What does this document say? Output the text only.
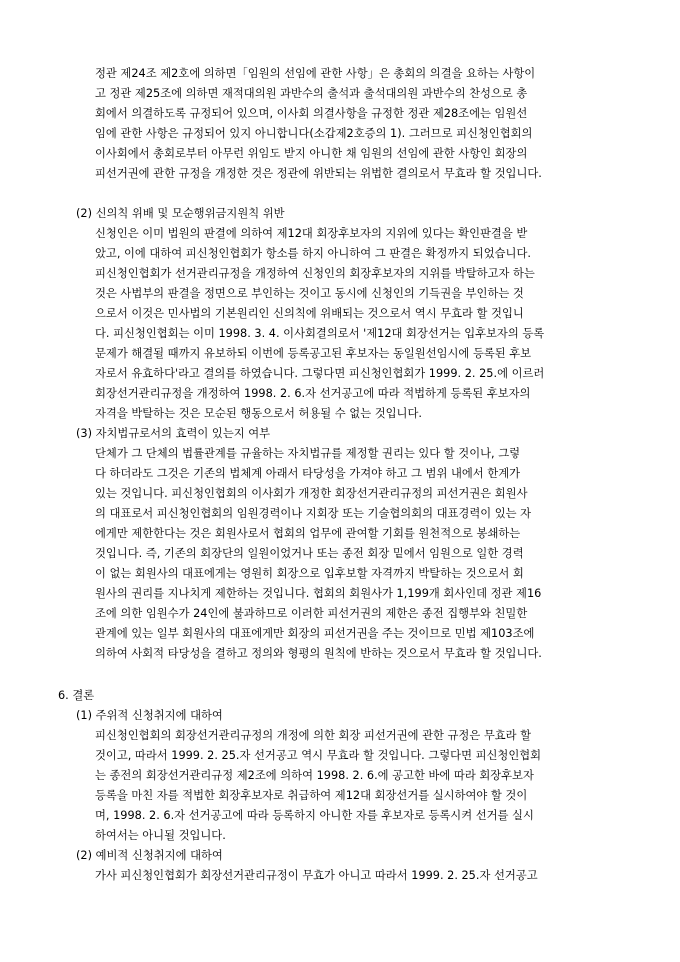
정관 제24조 제2호에 의하면「임원의 선임에 관한 사항」은 총회의 의결을 요하는 사항이

고 정관 제25조에 의하면 재적대의원 과반수의 출석과 출석대의원 과반수의 찬성으로 총

회에서 의결하도록 규정되어 있으며, 이사회 의결사항을 규정한 정관 제28조에는 임원선

임에 관한 사항은 규정되어 있지 아니합니다(소갑제2호증의 1). 그러므로 피신청인협회의

이사회에서 총회로부터 아무런 위임도 받지 아니한 채 임원의 선임에 관한 사항인 회장의

피선거권에 관한 규정을 개정한 것은 정관에 위반되는 위법한 결의로서 무효라 할 것입니다.

(2) 신의칙 위배 및 모순행위금지원칙 위반

신청인은 이미 법원의 판결에 의하여 제12대 회장후보자의 지위에 있다는 확인판결을 받

았고, 이에 대하여 피신청인협회가 항소를 하지 아니하여 그 판결은 확정까지 되었습니다.

피신청인협회가 선거관리규정을 개정하여 신청인의 회장후보자의 지위를 박탈하고자 하는

것은 사법부의 판결을 정면으로 부인하는 것이고 동시에 신청인의 기득권을 부인하는 것

으로서 이것은 민사법의 기본원리인 신의칙에 위배되는 것으로서 역시 무효라 할 것입니

다. 피신청인협회는 이미 1998. 3. 4. 이사회결의로서 '제12대 회장선거는 입후보자의 등록

문제가 해결될 때까지 유보하되 이번에 등록공고된 후보자는 동일원선임시에 등록된 후보

자로서 유효하다'라고 결의를 하였습니다. 그렇다면 피신청인협회가 1999. 2. 25.에 이르러

회장선거관리규정을 개정하여 1998. 2. 6.자 선거공고에 따라 적법하게 등록된 후보자의

자격을 박탈하는 것은 모순된 행동으로서 허용될 수 없는 것입니다.

(3) 자치법규로서의 효력이 있는지 여부

단체가 그 단체의 법률관계를 규율하는 자치법규를 제정할 권리는 있다 할 것이나, 그렇

다 하더라도 그것은 기존의 법체계 아래서 타당성을 가져야 하고 그 범위 내에서 한계가

있는 것입니다. 피신청인협회의 이사회가 개정한 회장선거관리규정의 피선거권은 회원사

의 대표로서 피신청인협회의 임원경력이나 지회장 또는 기술협의회의 대표경력이 있는 자

에게만 제한한다는 것은 회원사로서 협회의 업무에 관여할 기회를 원천적으로 봉쇄하는

것입니다. 즉, 기존의 회장단의 일원이었거나 또는 종전 회장 밑에서 임원으로 일한 경력

이 없는 회원사의 대표에게는 영원히 회장으로 입후보할 자격까지 박탈하는 것으로서 회

원사의 권리를 지나치게 제한하는 것입니다. 협회의 회원사가 1,199개 회사인데 정관 제16

조에 의한 임원수가 24인에 불과하므로 이러한 피선거권의 제한은 종전 집행부와 친밀한

관계에 있는 일부 회원사의 대표에게만 회장의 피선거권을 주는 것이므로 민법 제103조에

의하여 사회적 타당성을 결하고 정의와 형평의 원칙에 반하는 것으로서 무효라 할 것입니다.

6. 결론

(1) 주위적 신청취지에 대하여

피신청인협회의 회장선거관리규정의 개정에 의한 회장 피선거권에 관한 규정은 무효라 할

것이고, 따라서 1999. 2. 25.자 선거공고 역시 무효라 할 것입니다. 그렇다면 피신청인협회

는 종전의 회장선거관리규정 제2조에 의하여 1998. 2. 6.에 공고한 바에 따라 회장후보자

등록을 마친 자를 적법한 회장후보자로 취급하여 제12대 회장선거를 실시하여야 할 것이

며, 1998. 2. 6.자 선거공고에 따라 등록하지 아니한 자를 후보자로 등록시켜 선거를 실시

하여서는 아니될 것입니다.

(2) 예비적 신청취지에 대하여

가사 피신청인협회가 회장선거관리규정이 무효가 아니고 따라서 1999. 2. 25.자 선거공고
